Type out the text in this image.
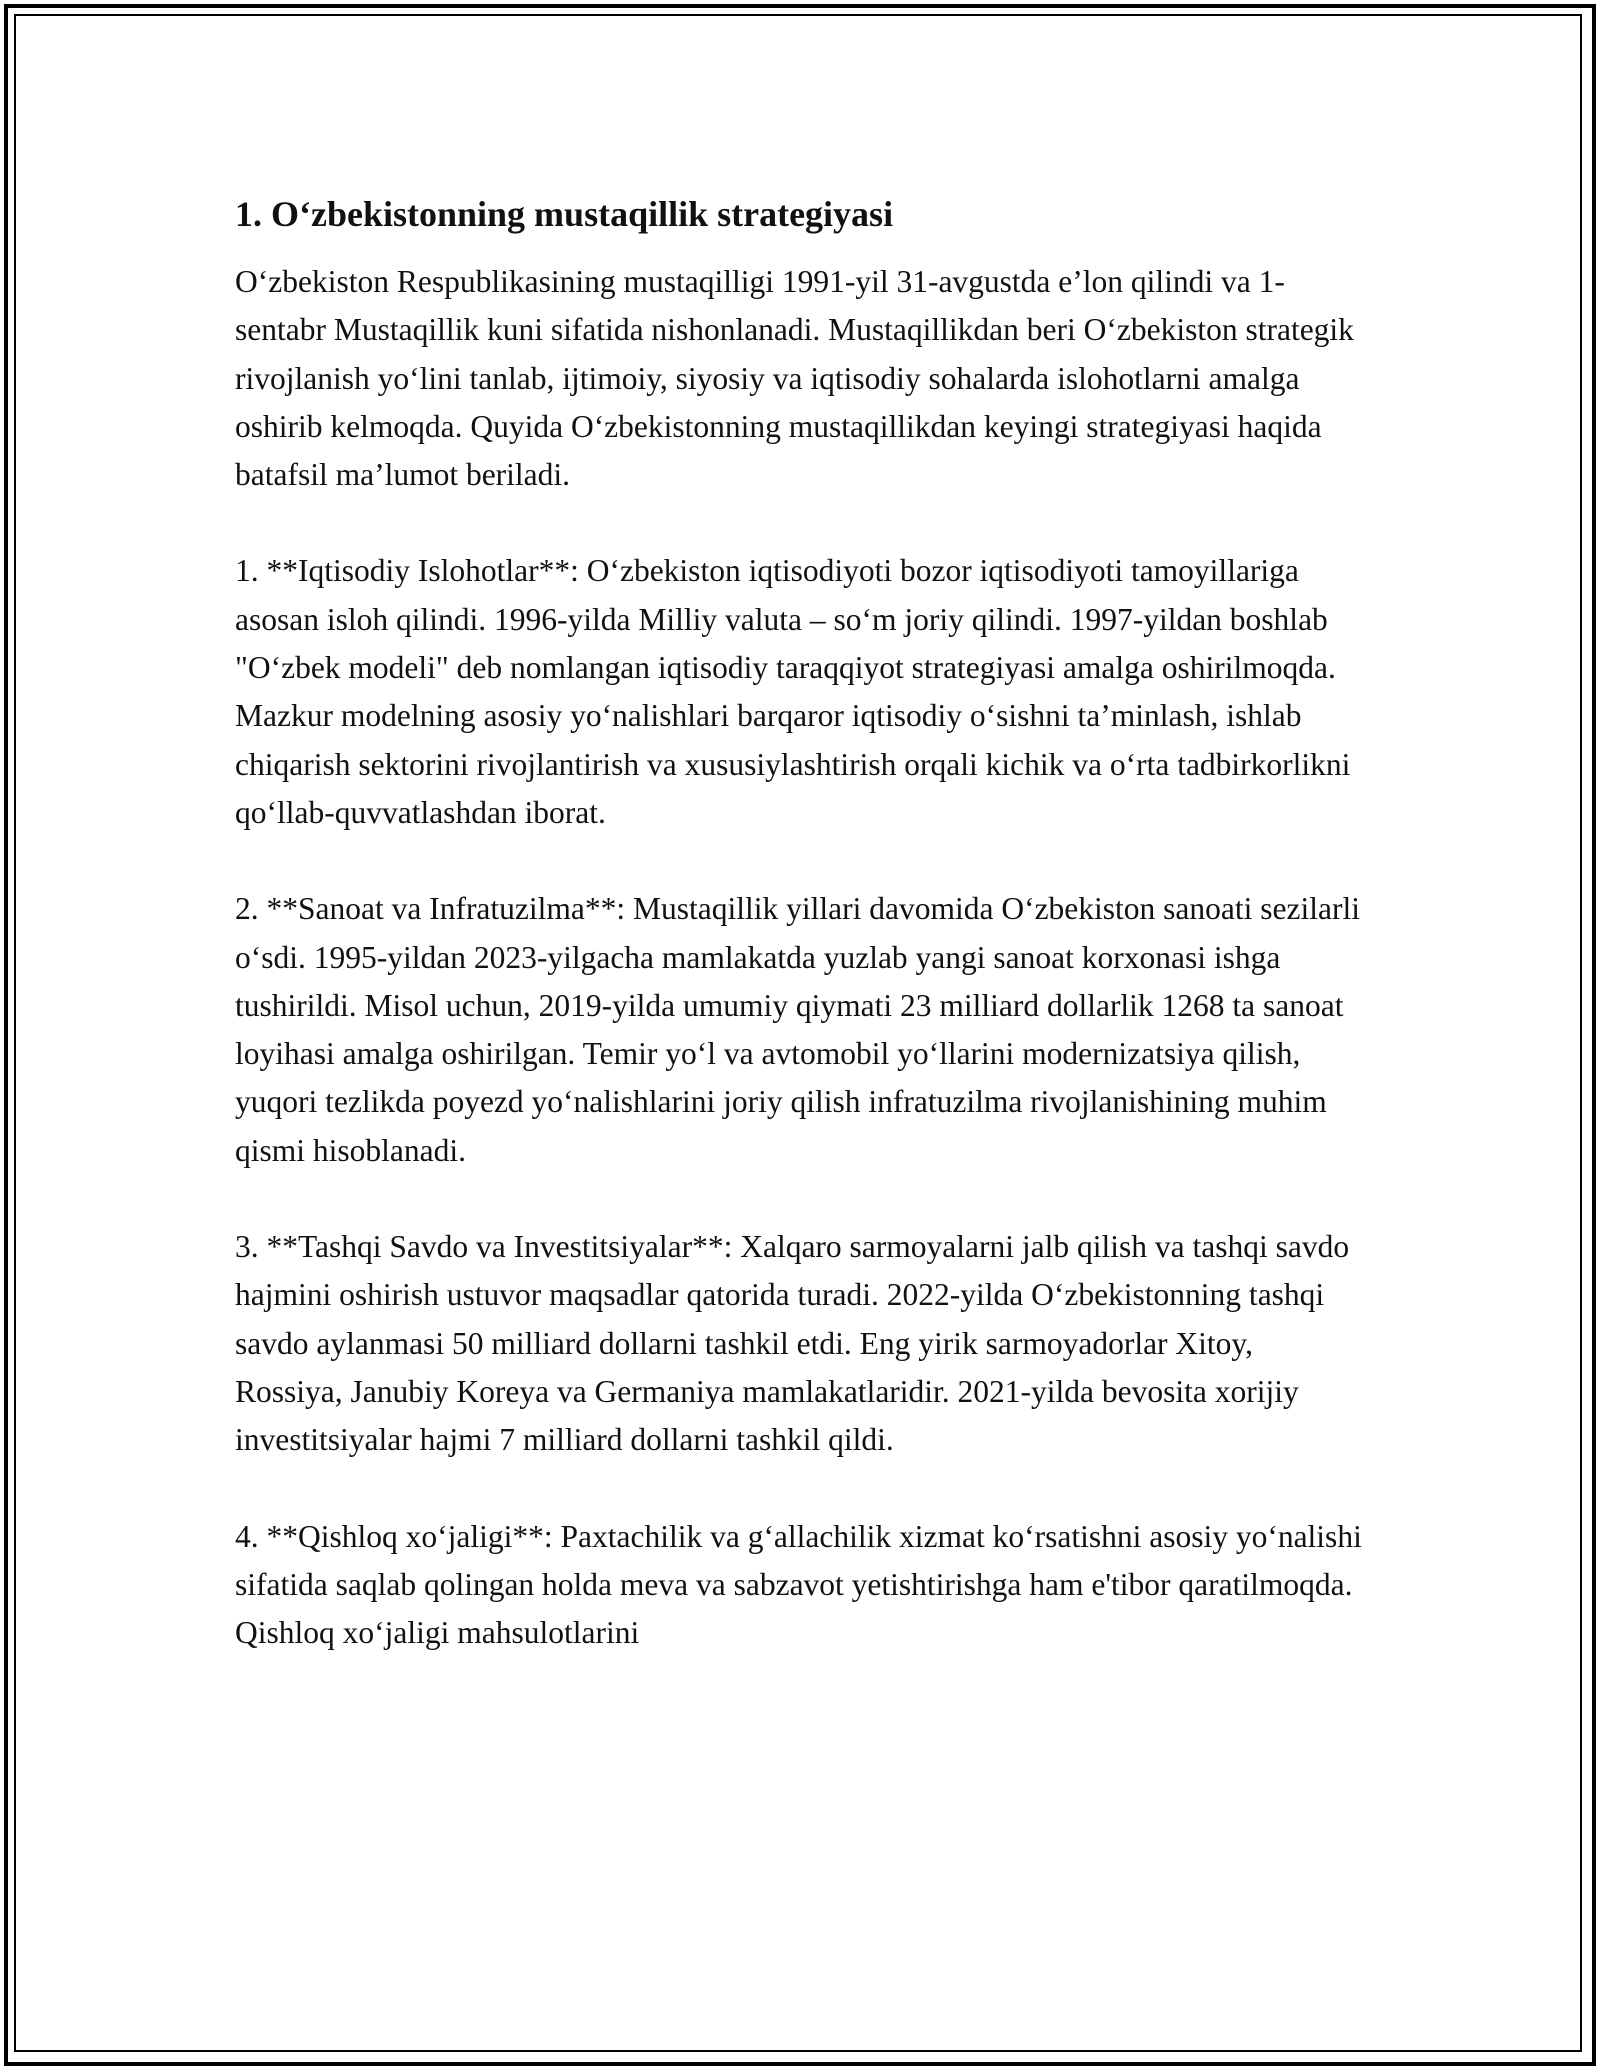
1. O‘zbekistonning mustaqillik strategiyasi

O‘zbekiston Respublikasining mustaqilligi 1991-yil 31-avgustda e’lon qilindi va 1-sentabr Mustaqillik kuni sifatida nishonlanadi. Mustaqillikdan beri O‘zbekiston strategik rivojlanish yo‘lini tanlab, ijtimoiy, siyosiy va iqtisodiy sohalarda islohotlarni amalga oshirib kelmoqda. Quyida O‘zbekistonning mustaqillikdan keyingi strategiyasi haqida batafsil ma’lumot beriladi.

1. **Iqtisodiy Islohotlar**: O‘zbekiston iqtisodiyoti bozor iqtisodiyoti tamoyillariga asosan isloh qilindi. 1996-yilda Milliy valuta – so‘m joriy qilindi. 1997-yildan boshlab "O‘zbek modeli" deb nomlangan iqtisodiy taraqqiyot strategiyasi amalga oshirilmoqda. Mazkur modelning asosiy yo‘nalishlari barqaror iqtisodiy o‘sishni ta’minlash, ishlab chiqarish sektorini rivojlantirish va xususiylashtirish orqali kichik va o‘rta tadbirkorlikni qo‘llab-quvvatlashdan iborat.

2. **Sanoat va Infratuzilma**: Mustaqillik yillari davomida O‘zbekiston sanoati sezilarli o‘sdi. 1995-yildan 2023-yilgacha mamlakatda yuzlab yangi sanoat korxonasi ishga tushirildi. Misol uchun, 2019-yilda umumiy qiymati 23 milliard dollarlik 1268 ta sanoat loyihasi amalga oshirilgan. Temir yo‘l va avtomobil yo‘llarini modernizatsiya qilish, yuqori tezlikda poyezd yo‘nalishlarini joriy qilish infratuzilma rivojlanishining muhim qismi hisoblanadi.

3. **Tashqi Savdo va Investitsiyalar**: Xalqaro sarmoyalarni jalb qilish va tashqi savdo hajmini oshirish ustuvor maqsadlar qatorida turadi. 2022-yilda O‘zbekistonning tashqi savdo aylanmasi 50 milliard dollarni tashkil etdi. Eng yirik sarmoyadorlar Xitoy, Rossiya, Janubiy Koreya va Germaniya mamlakatlaridir. 2021-yilda bevosita xorijiy investitsiyalar hajmi 7 milliard dollarni tashkil qildi.

4. **Qishloq xo‘jaligi**: Paxtachilik va g‘allachilik xizmat ko‘rsatishni asosiy yo‘nalishi sifatida saqlab qolingan holda meva va sabzavot yetishtirishga ham e'tibor qaratilmoqda. Qishloq xo‘jaligi mahsulotlarini
